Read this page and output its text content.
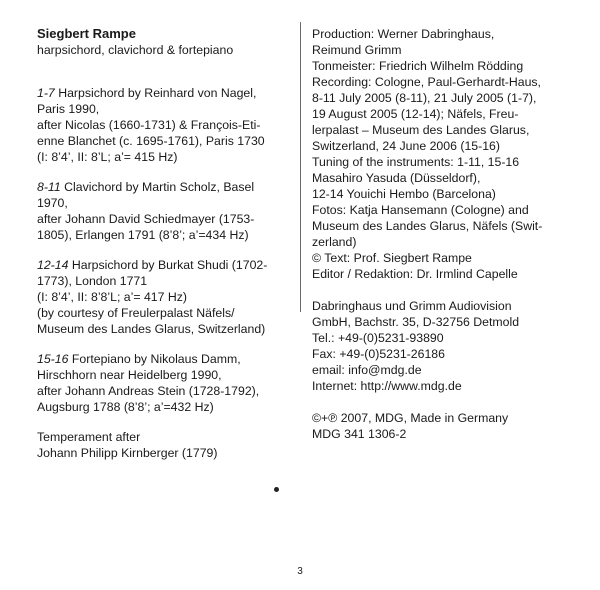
Siegbert Rampe
harpsichord, clavichord & fortepiano
1-7 Harpsichord by Reinhard von Nagel,
Paris 1990,
after Nicolas (1660-1731) & François-Eti-
enne Blanchet (c. 1695-1761), Paris 1730
(I: 8’4’, II: 8’L; a’= 415 Hz)
8-11 Clavichord by Martin Scholz, Basel
1970,
after Johann David Schiedmayer (1753-
1805), Erlangen 1791 (8’8’; a’=434 Hz)
12-14 Harpsichord by Burkat Shudi (1702-
1773), London 1771
(I: 8’4’, II: 8’8’L; a’= 417 Hz)
(by courtesy of Freulerpalast Näfels/
Museum des Landes Glarus, Switzerland)
15-16 Fortepiano by Nikolaus Damm,
Hirschhorn near Heidelberg 1990,
after Johann Andreas Stein (1728-1792),
Augsburg 1788 (8’8’; a’=432 Hz)
Temperament after
Johann Philipp Kirnberger (1779)
Production: Werner Dabringhaus,
Reimund Grimm
Tonmeister: Friedrich Wilhelm Rödding
Recording: Cologne, Paul-Gerhardt-Haus,
8-11 July 2005 (8-11), 21 July 2005 (1-7),
19 August 2005 (12-14); Näfels, Freu-
lerpalast – Museum des Landes Glarus,
Switzerland, 24 June 2006 (15-16)
Tuning of the instruments: 1-11, 15-16
Masahiro Yasuda (Düsseldorf),
12-14 Youichi Hembo (Barcelona)
Fotos: Katja Hansemann (Cologne) and
Museum des Landes Glarus, Näfels (Swit-
zerland)
© Text: Prof. Siegbert Rampe
Editor / Redaktion: Dr. Irmlind Capelle
Dabringhaus und Grimm Audiovision
GmbH, Bachstr. 35, D-32756 Detmold
Tel.: +49-(0)5231-93890
Fax: +49-(0)5231-26186
email: info@mdg.de
Internet: http://www.mdg.de
©+℗ 2007, MDG, Made in Germany
MDG 341 1306-2
3
